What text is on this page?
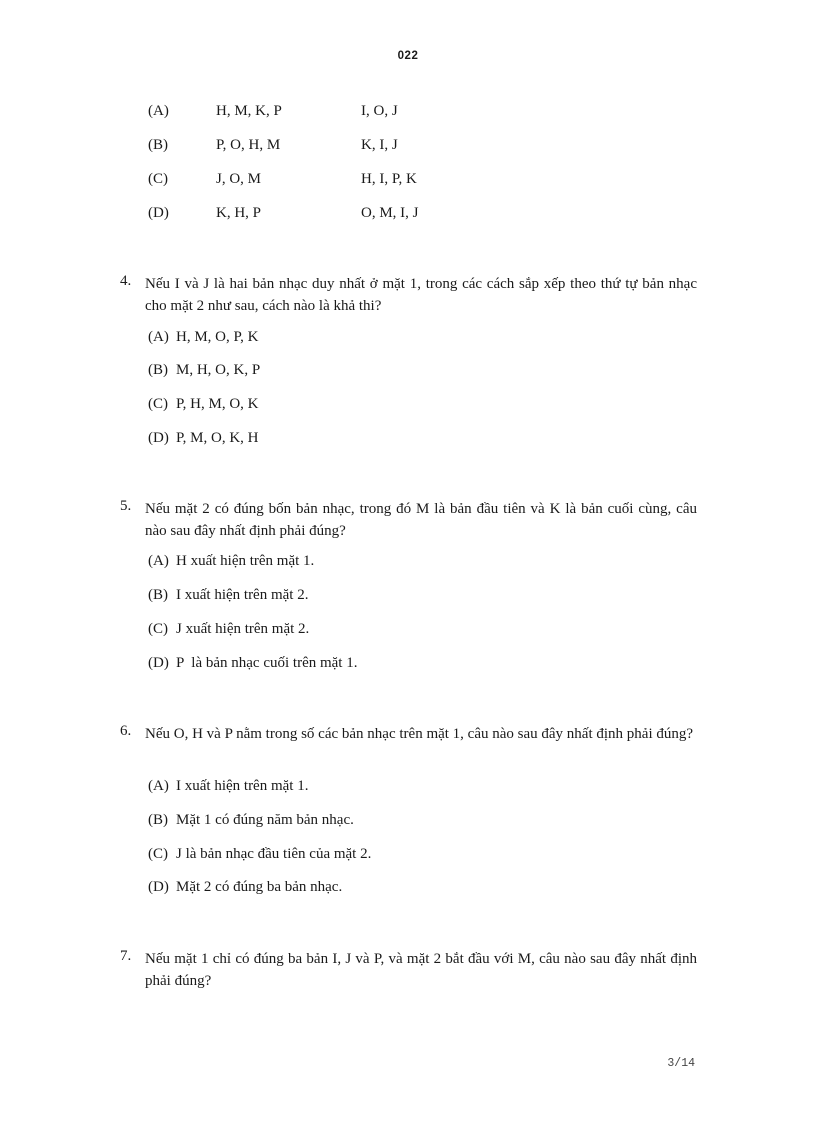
022
(A)	H, M, K, P	I, O, J
(B)	P, O, H, M	K, I, J
(C)	J, O, M	H, I, P, K
(D)	K, H, P	O, M, I, J
4. Nếu I và J là hai bản nhạc duy nhất ở mặt 1, trong các cách sắp xếp theo thứ tự bản nhạc cho mặt 2 như sau, cách nào là khả thi?
(A) H, M, O, P, K
(B) M, H, O, K, P
(C) P, H, M, O, K
(D) P, M, O, K, H
5. Nếu mặt 2 có đúng bốn bản nhạc, trong đó M là bản đầu tiên và K là bản cuối cùng, câu nào sau đây nhất định phải đúng?
(A) H xuất hiện trên mặt 1.
(B) I xuất hiện trên mặt 2.
(C) J xuất hiện trên mặt 2.
(D) P  là bản nhạc cuối trên mặt 1.
6. Nếu O, H và P nằm trong số các bản nhạc trên mặt 1, câu nào sau đây nhất định phải đúng?
(A) I xuất hiện trên mặt 1.
(B) Mặt 1 có đúng năm bản nhạc.
(C) J là bản nhạc đầu tiên của mặt 2.
(D) Mặt 2 có đúng ba bản nhạc.
7. Nếu mặt 1 chỉ có đúng ba bản I, J và P, và mặt 2 bắt đầu với M, câu nào sau đây nhất định phải đúng?
3/14
